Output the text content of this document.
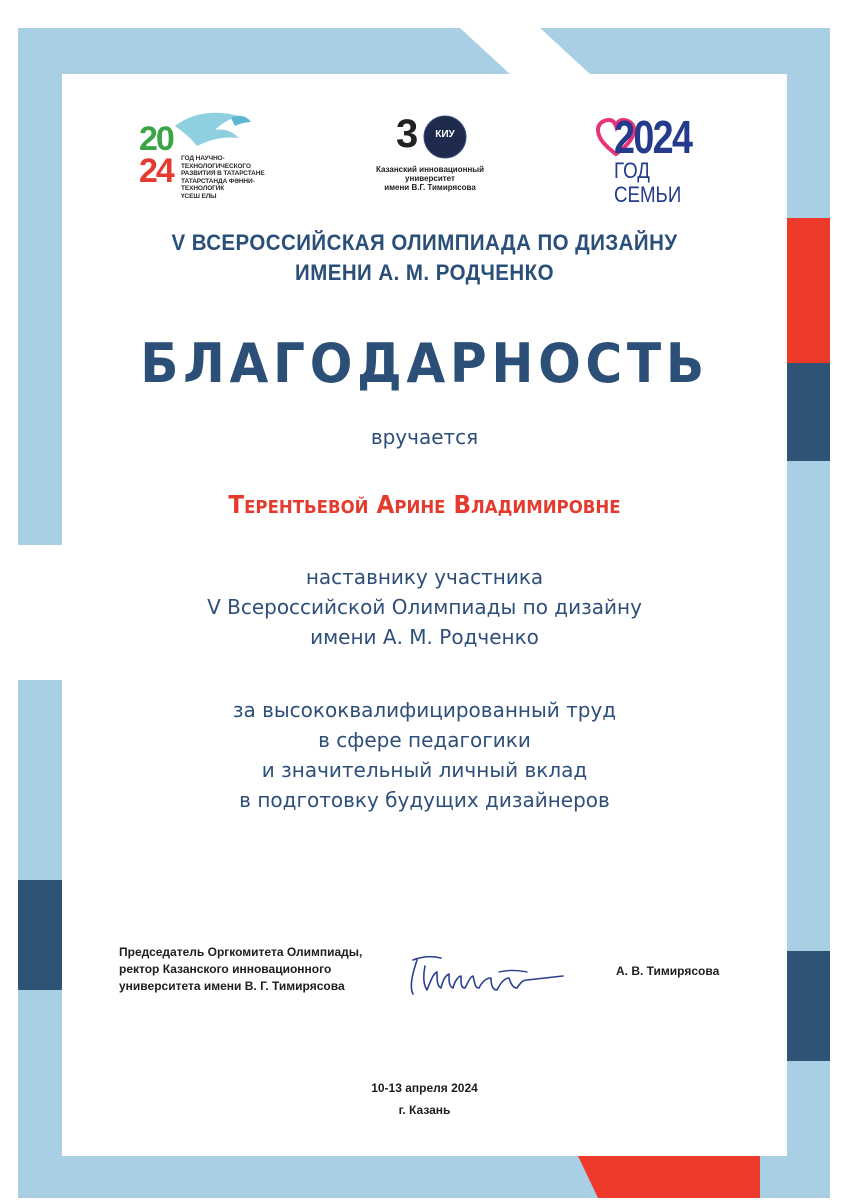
20
24 ГОД НАУЧНО-ТЕХНОЛОГИЧЕСКОГО
РАЗВИТИЯ В ТАТАРСТАНЕ
ТАТАРСТАНДА ФӘННИ-ТЕХНОЛОГИК
ҮСЕШ ЕЛЫ
3	КИУ
Казанский инновационный
университет
имени В.Г. Тимирясова
2024
ГОД СЕМЬИ
V ВСЕРОССИЙСКАЯ ОЛИМПИАДА ПО ДИЗАЙНУ
ИМЕНИ А. М. РОДЧЕНКО
БЛАГОДАРНОСТЬ
вручается
Терентьевой Арине Владимировне
наставнику участника
V Всероссийской Олимпиады по дизайну
имени А. М. Родченко
за высококвалифицированный труд
в сфере педагогики
и значительный личный вклад
в подготовку будущих дизайнеров
Председатель Оргкомитета Олимпиады,
ректор Казанского инновационного
университета имени В. Г. Тимирясова
А. В. Тимирясова
10-13 апреля 2024
г. Казань
